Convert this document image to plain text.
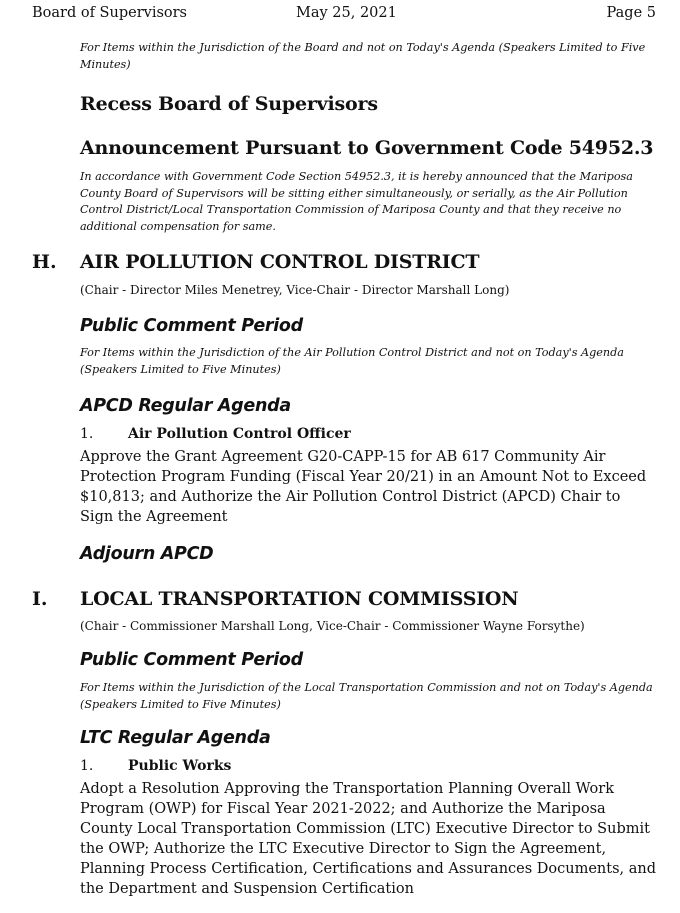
Board of Supervisors	May 25, 2021	Page 5
For Items within the Jurisdiction of the Board and not on Today's Agenda (Speakers Limited to Five Minutes)
Recess Board of Supervisors
Announcement Pursuant to Government Code 54952.3
In accordance with Government Code Section 54952.3, it is hereby announced that the Mariposa County Board of Supervisors will be sitting either simultaneously, or serially, as the Air Pollution Control District/Local Transportation Commission of Mariposa County and that they receive no additional compensation for same.
H. AIR POLLUTION CONTROL DISTRICT
(Chair - Director Miles Menetrey, Vice-Chair - Director Marshall Long)
Public Comment Period
For Items within the Jurisdiction of the Air Pollution Control District and not on Today's Agenda (Speakers Limited to Five Minutes)
APCD Regular Agenda
1. Air Pollution Control Officer
Approve the Grant Agreement G20-CAPP-15 for AB 617 Community Air Protection Program Funding (Fiscal Year 20/21) in an Amount Not to Exceed $10,813; and Authorize the Air Pollution Control District (APCD) Chair to Sign the Agreement
Adjourn APCD
I. LOCAL TRANSPORTATION COMMISSION
(Chair - Commissioner Marshall Long, Vice-Chair - Commissioner Wayne Forsythe)
Public Comment Period
For Items within the Jurisdiction of the Local Transportation Commission and not on Today's Agenda (Speakers Limited to Five Minutes)
LTC Regular Agenda
1. Public Works
Adopt a Resolution Approving the Transportation Planning Overall Work Program (OWP) for Fiscal Year 2021-2022; and Authorize the Mariposa County Local Transportation Commission (LTC) Executive Director to Submit the OWP; Authorize the LTC Executive Director to Sign the Agreement, Planning Process Certification, Certifications and Assurances Documents, and the Department and Suspension Certification
